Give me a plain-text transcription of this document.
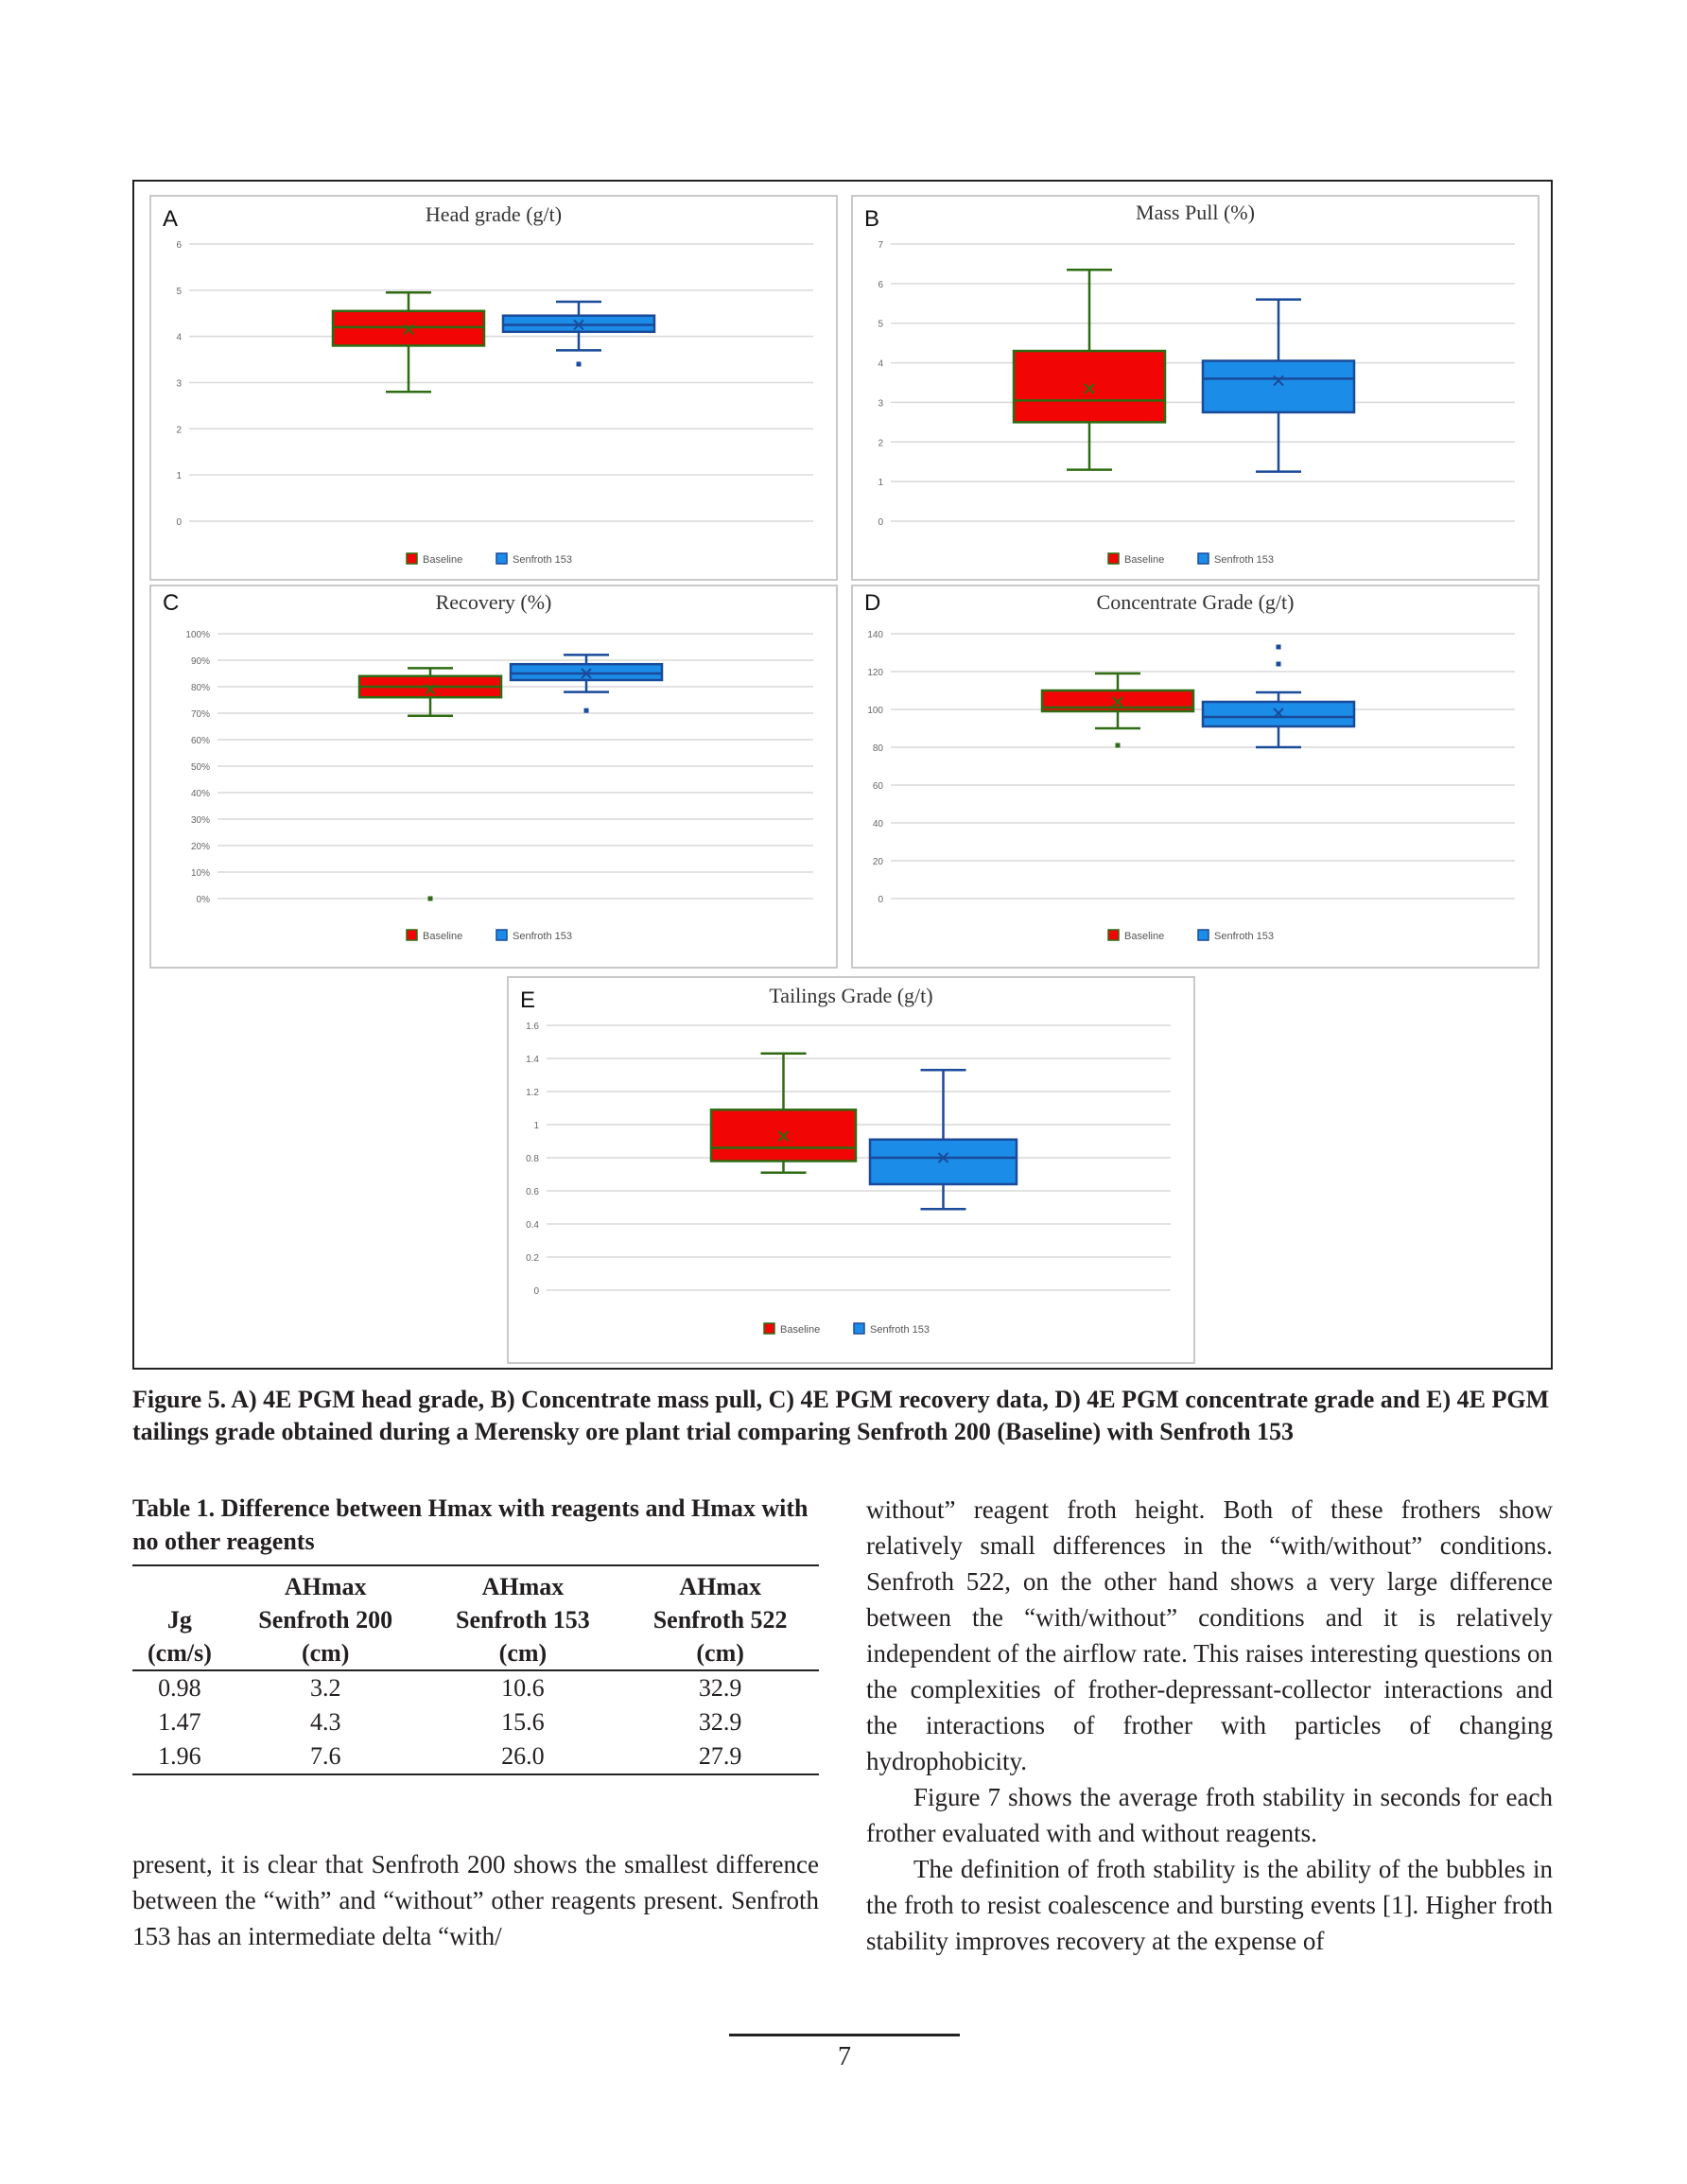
A	Head grade (g/t)
0
1
2
3
4
5
6
Baseline	Senfroth 153
B	Mass Pull (%)
0
1
2
3
4
5
6
7
Baseline	Senfroth 153
C	Recovery (%)
0%
10%
20%
30%
40%
50%
60%
70%
80%
90%
100%
Baseline	Senfroth 153
D	Concentrate Grade (g/t)
0
20
40
60
80
100
120
140
Baseline	Senfroth 153
E	Tailings Grade (g/t)
0
0.2
0.4
0.6
0.8
1
1.2
1.4
1.6
Baseline	Senfroth 153
Figure 5. A) 4E PGM head grade, B) Concentrate mass pull, C) 4E PGM recovery data, D) 4E PGM concentrate grade and E) 4E PGM tailings grade obtained during a Merensky ore plant trial comparing Senfroth 200 (Baseline) with Senfroth 153
Table 1. Difference between Hmax with reagents and Hmax with no other reagents
	AHmax	AHmax	AHmax
Jg	Senfroth 200	Senfroth 153	Senfroth 522
(cm/s)	(cm)	(cm)	(cm)
0.98	3.2	10.6	32.9
1.47	4.3	15.6	32.9
1.96	7.6	26.0	27.9

present, it is clear that Senfroth 200 shows the smallest difference between the “with” and “without” other reagents present. Senfroth 153 has an intermediate delta “with/

without” reagent froth height. Both of these frothers show relatively small differences in the “with/without” conditions. Senfroth 522, on the other hand shows a very large difference between the “with/without” conditions and it is relatively independent of the airflow rate. This raises interesting questions on the complexities of frother-depressant-collector interactions and the interactions of frother with particles of changing hydrophobicity.

Figure 7 shows the average froth stability in seconds for each frother evaluated with and without reagents.

The definition of froth stability is the ability of the bubbles in the froth to resist coalescence and bursting events [1]. Higher froth stability improves recovery at the expense of

7
